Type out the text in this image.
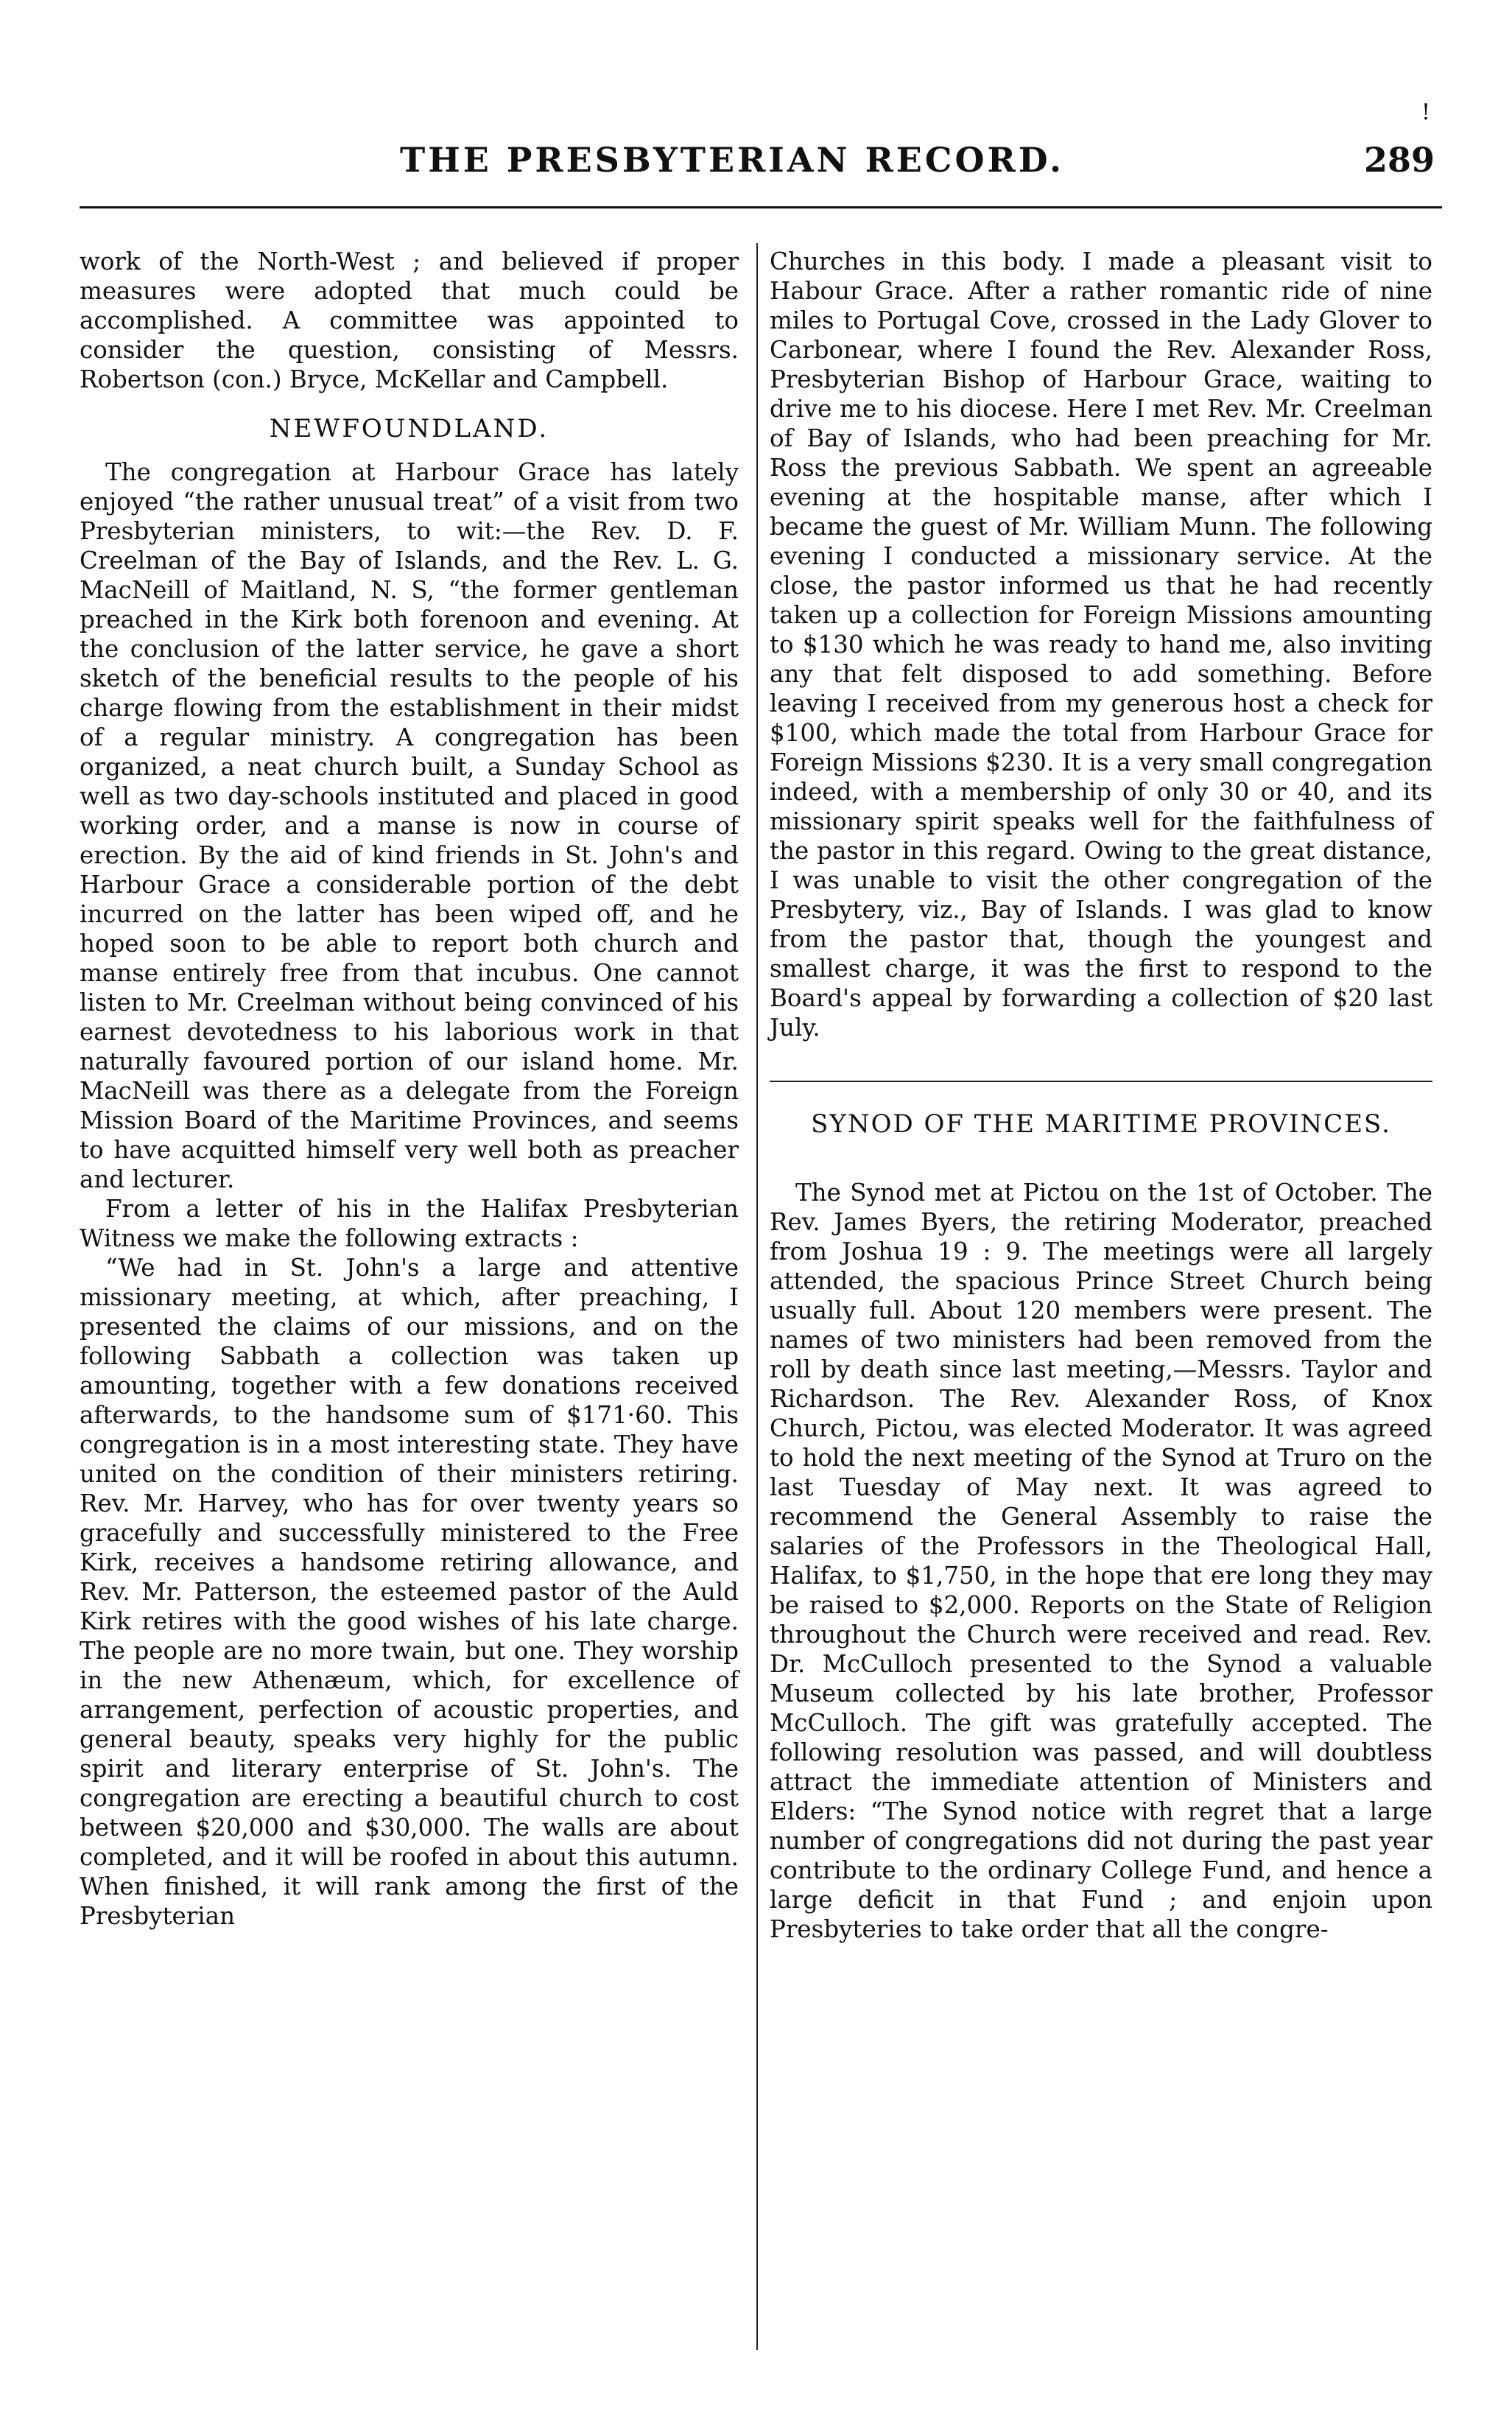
!
THE PRESBYTERIAN RECORD.	289

work of the North-West ; and believed if proper measures were adopted that much could be accomplished. A committee was appointed to consider the question, consisting of Messrs. Robertson (con.) Bryce, McKellar and Campbell.

NEWFOUNDLAND.

The congregation at Harbour Grace has lately enjoyed “the rather unusual treat” of a visit from two Presbyterian ministers, to wit:—the Rev. D. F. Creelman of the Bay of Islands, and the Rev. L. G. MacNeill of Maitland, N. S, “the former gentleman preached in the Kirk both forenoon and evening. At the conclusion of the latter service, he gave a short sketch of the beneficial results to the people of his charge flowing from the establishment in their midst of a regular ministry. A congregation has been organized, a neat church built, a Sunday School as well as two day-schools instituted and placed in good working order, and a manse is now in course of erection. By the aid of kind friends in St. John's and Harbour Grace a considerable portion of the debt incurred on the latter has been wiped off, and he hoped soon to be able to report both church and manse entirely free from that incubus. One cannot listen to Mr. Creelman without being convinced of his earnest devotedness to his laborious work in that naturally favoured portion of our island home. Mr. MacNeill was there as a delegate from the Foreign Mission Board of the Maritime Provinces, and seems to have acquitted himself very well both as preacher and lecturer.

From a letter of his in the Halifax Presbyterian Witness we make the following extracts :

“We had in St. John's a large and attentive missionary meeting, at which, after preaching, I presented the claims of our missions, and on the following Sabbath a collection was taken up amounting, together with a few donations received afterwards, to the handsome sum of $171·60. This congregation is in a most interesting state. They have united on the condition of their ministers retiring. Rev. Mr. Harvey, who has for over twenty years so gracefully and successfully ministered to the Free Kirk, receives a handsome retiring allowance, and Rev. Mr. Patterson, the esteemed pastor of the Auld Kirk retires with the good wishes of his late charge. The people are no more twain, but one. They worship in the new Athenæum, which, for excellence of arrangement, perfection of acoustic properties, and general beauty, speaks very highly for the public spirit and literary enterprise of St. John's. The congregation are erecting a beautiful church to cost between $20,000 and $30,000. The walls are about completed, and it will be roofed in about this autumn. When finished, it will rank among the first of the Presbyterian

Churches in this body. I made a pleasant visit to Habour Grace. After a rather romantic ride of nine miles to Portugal Cove, crossed in the Lady Glover to Carbonear, where I found the Rev. Alexander Ross, Presbyterian Bishop of Harbour Grace, waiting to drive me to his diocese. Here I met Rev. Mr. Creelman of Bay of Islands, who had been preaching for Mr. Ross the previous Sabbath. We spent an agreeable evening at the hospitable manse, after which I became the guest of Mr. William Munn. The following evening I conducted a missionary service. At the close, the pastor informed us that he had recently taken up a collection for Foreign Missions amounting to $130 which he was ready to hand me, also inviting any that felt disposed to add something. Before leaving I received from my generous host a check for $100, which made the total from Harbour Grace for Foreign Missions $230. It is a very small congregation indeed, with a membership of only 30 or 40, and its missionary spirit speaks well for the faithfulness of the pastor in this regard. Owing to the great distance, I was unable to visit the other congregation of the Presbytery, viz., Bay of Islands. I was glad to know from the pastor that, though the youngest and smallest charge, it was the first to respond to the Board's appeal by forwarding a collection of $20 last July.

SYNOD OF THE MARITIME PROVINCES.

The Synod met at Pictou on the 1st of October. The Rev. James Byers, the retiring Moderator, preached from Joshua 19 : 9. The meetings were all largely attended, the spacious Prince Street Church being usually full. About 120 members were present. The names of two ministers had been removed from the roll by death since last meeting,—Messrs. Taylor and Richardson. The Rev. Alexander Ross, of Knox Church, Pictou, was elected Moderator. It was agreed to hold the next meeting of the Synod at Truro on the last Tuesday of May next. It was agreed to recommend the General Assembly to raise the salaries of the Professors in the Theological Hall, Halifax, to $1,750, in the hope that ere long they may be raised to $2,000. Reports on the State of Religion throughout the Church were received and read. Rev. Dr. McCulloch presented to the Synod a valuable Museum collected by his late brother, Professor McCulloch. The gift was gratefully accepted. The following resolution was passed, and will doubtless attract the immediate attention of Ministers and Elders: “The Synod notice with regret that a large number of congregations did not during the past year contribute to the ordinary College Fund, and hence a large deficit in that Fund ; and enjoin upon Presbyteries to take order that all the congre-
